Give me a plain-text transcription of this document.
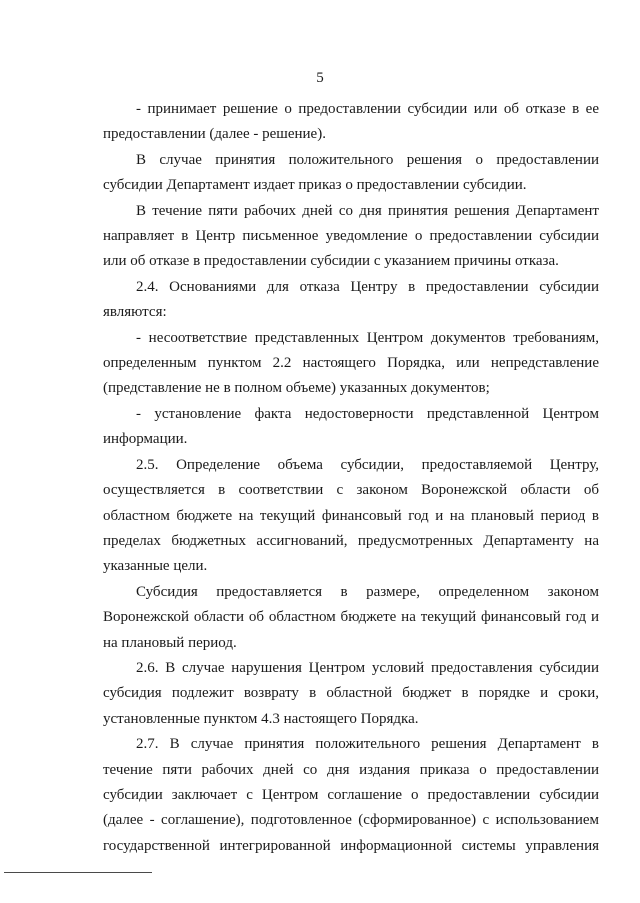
5

- принимает решение о предоставлении субсидии или об отказе в ее предоставлении (далее - решение).

В случае принятия положительного решения о предоставлении субсидии Департамент издает приказ о предоставлении субсидии.

В течение пяти рабочих дней со дня принятия решения Департамент направляет в Центр письменное уведомление о предоставлении субсидии или об отказе в предоставлении субсидии с указанием причины отказа.

2.4. Основаниями для отказа Центру в предоставлении субсидии являются:

- несоответствие представленных Центром документов требованиям, определенным пунктом 2.2 настоящего Порядка, или непредставление (представление не в полном объеме) указанных документов;

- установление факта недостоверности представленной Центром информации.

2.5. Определение объема субсидии, предоставляемой Центру, осуществляется в соответствии с законом Воронежской области об областном бюджете на текущий финансовый год и на плановый период в пределах бюджетных ассигнований, предусмотренных Департаменту на указанные цели.

Субсидия предоставляется в размере, определенном законом Воронежской области об областном бюджете на текущий финансовый год и на плановый период.

2.6. В случае нарушения Центром условий предоставления субсидии субсидия подлежит возврату в областной бюджет в порядке и сроки, установленные пунктом 4.3 настоящего Порядка.

2.7. В случае принятия положительного решения Департамент в течение пяти рабочих дней со дня издания приказа о предоставлении субсидии заключает с Центром соглашение о предоставлении субсидии (далее - соглашение), подготовленное (сформированное) с использованием государственной интегрированной информационной системы управления
